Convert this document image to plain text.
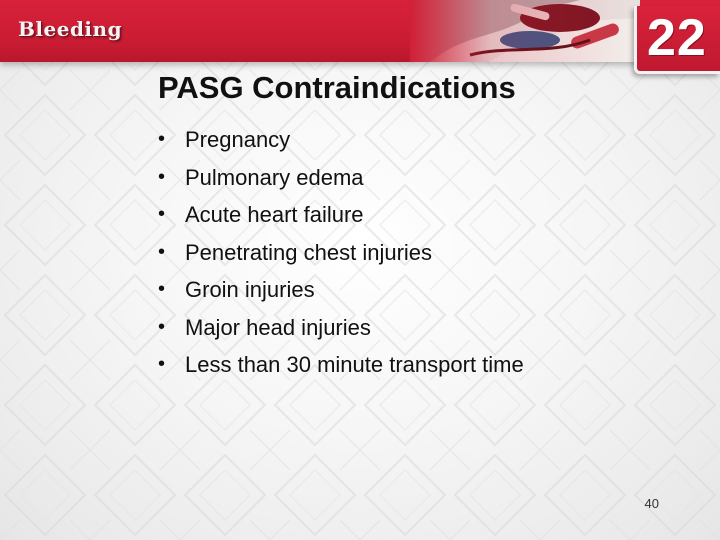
Bleeding	22
PASG Contraindications
• Pregnancy
• Pulmonary edema
• Acute heart failure
• Penetrating chest injuries
• Groin injuries
• Major head injuries
• Less than 30 minute transport time
40
